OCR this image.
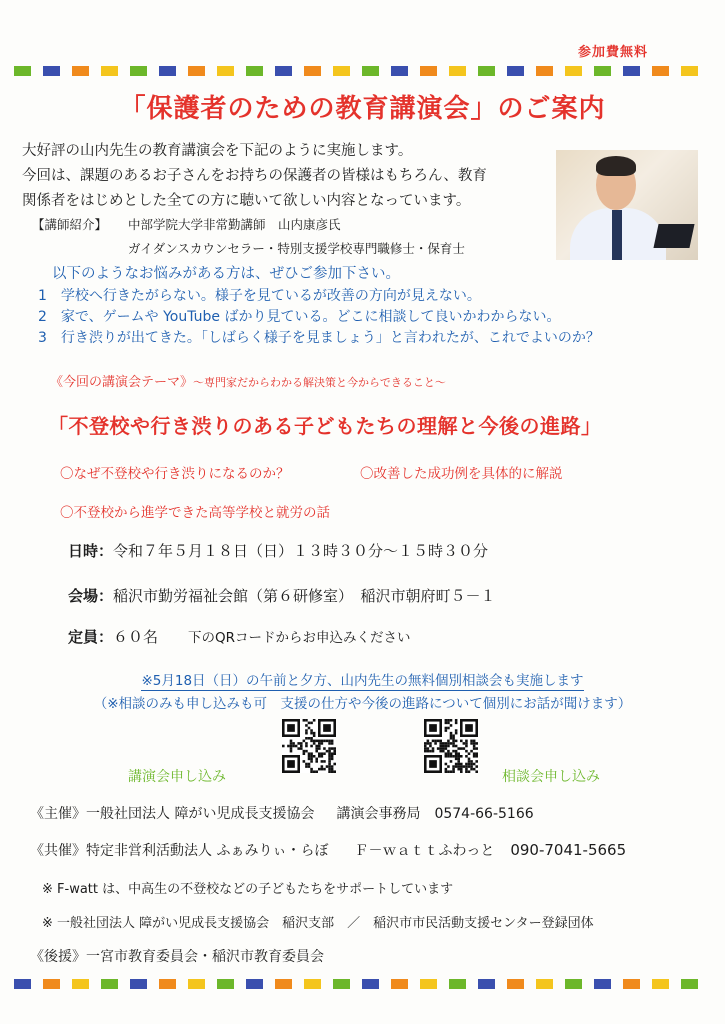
参加費無料
「保護者のための教育講演会」のご案内
大好評の山内先生の教育講演会を下記のように実施します。
今回は、課題のあるお子さんをお持ちの保護者の皆様はもちろん、教育
関係者をはじめとした全ての方に聴いて欲しい内容となっています。
【講師紹介】 中部学院大学非常勤講師　山内康彦氏
ガイダンスカウンセラー・特別支援学校専門職修士・保育士
以下のようなお悩みがある方は、ぜひご参加下さい。
1　学校へ行きたがらない。様子を見ているが改善の方向が見えない。
2　家で、ゲームや YouTube ばかり見ている。どこに相談して良いかわからない。
3　行き渋りが出てきた。「しばらく様子を見ましょう」と言われたが、これでよいのか？
《今回の講演会テーマ》～専門家だからわかる解決策と今からできること～
「不登校や行き渋りのある子どもたちの理解と今後の進路」
〇なぜ不登校や行き渋りになるのか？	〇改善した成功例を具体的に解説
〇不登校から進学できた高等学校と就労の話
日時：令和７年５月１８日（日）１３時３０分～１５時３０分
会場：稲沢市勤労福祉会館（第６研修室）　稲沢市朝府町５－１
定員：６０名 下のQRコードからお申込みください
※5月18日（日）の午前と夕方、山内先生の無料個別相談会も実施します
（※相談のみも申し込みも可　支援の仕方や今後の進路について個別にお話が聞けます）
講演会申し込み	相談会申し込み
《主催》一般社団法人 障がい児成長支援協会 講演会事務局　0574-66-5166
《共催》特定非営利活動法人 ふぁみりぃ・らぼ Ｆ－ｗａｔｔふわっと 090-7041-5665
※ F-watt は、中高生の不登校などの子どもたちをサポートしています
※ 一般社団法人 障がい児成長支援協会　稲沢支部　／　稲沢市市民活動支援センター登録団体
《後援》一宮市教育委員会・稲沢市教育委員会
